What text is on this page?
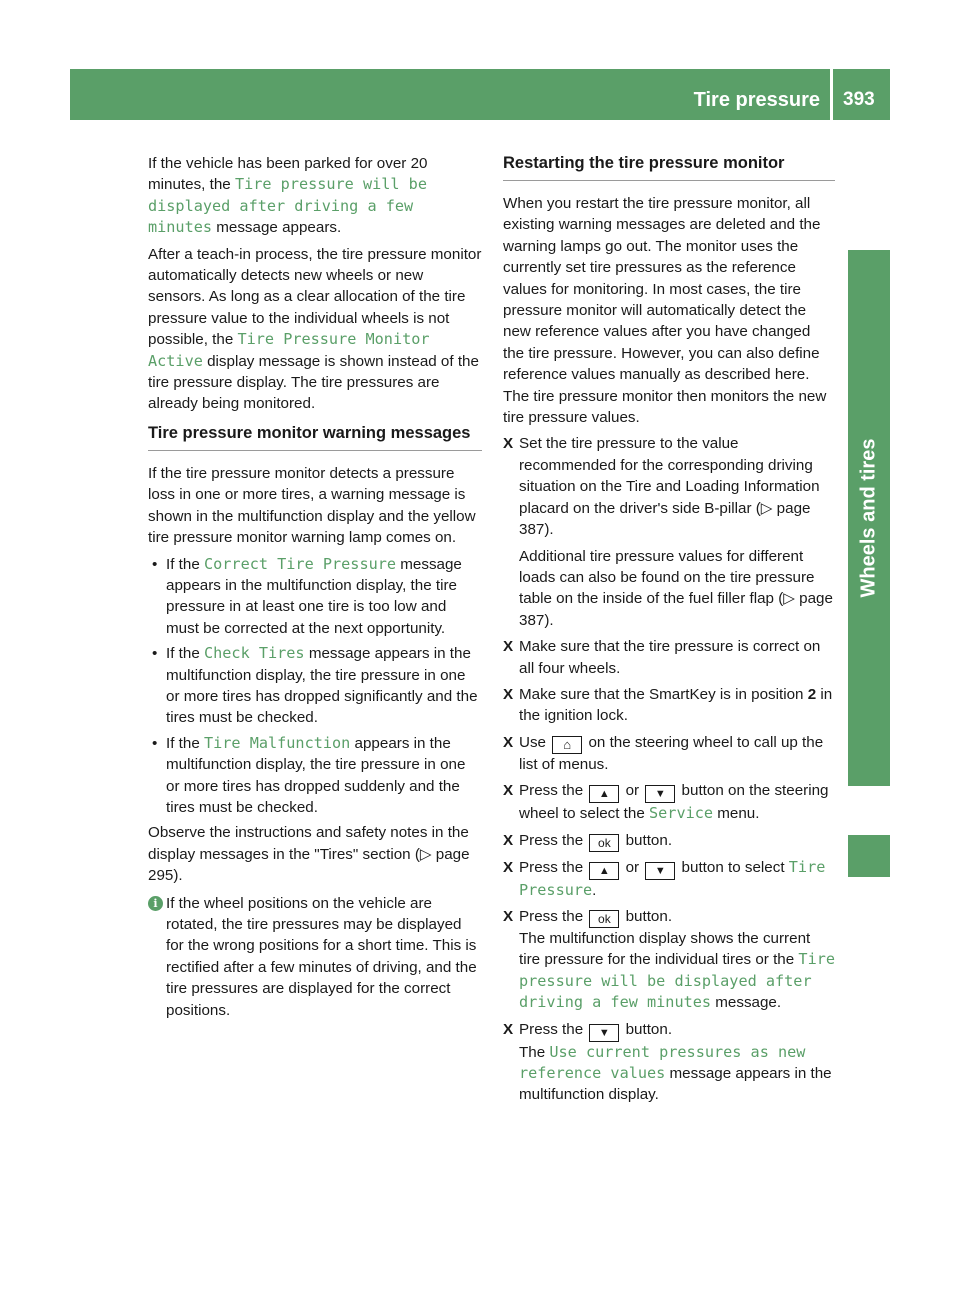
Tire pressure 393
Wheels and tires

If the vehicle has been parked for over 20 minutes, the Tire pressure will be displayed after driving a few minutes message appears.

After a teach-in process, the tire pressure monitor automatically detects new wheels or new sensors. As long as a clear allocation of the tire pressure value to the individual wheels is not possible, the Tire Pressure Monitor Active display message is shown instead of the tire pressure display. The tire pressures are already being monitored.

Tire pressure monitor warning messages

If the tire pressure monitor detects a pressure loss in one or more tires, a warning message is shown in the multifunction display and the yellow tire pressure monitor warning lamp comes on.

• If the Correct Tire Pressure message appears in the multifunction display, the tire pressure in at least one tire is too low and must be corrected at the next opportunity.
• If the Check Tires message appears in the multifunction display, the tire pressure in one or more tires has dropped significantly and the tires must be checked.
• If the Tire Malfunction appears in the multifunction display, the tire pressure in one or more tires has dropped suddenly and the tires must be checked.

Observe the instructions and safety notes in the display messages in the "Tires" section (▷ page 295).

i If the wheel positions on the vehicle are rotated, the tire pressures may be displayed for the wrong positions for a short time. This is rectified after a few minutes of driving, and the tire pressures are displayed for the correct positions.
Restarting the tire pressure monitor

When you restart the tire pressure monitor, all existing warning messages are deleted and the warning lamps go out. The monitor uses the currently set tire pressures as the reference values for monitoring. In most cases, the tire pressure monitor will automatically detect the new reference values after you have changed the tire pressure. However, you can also define reference values manually as described here. The tire pressure monitor then monitors the new tire pressure values.

X Set the tire pressure to the value recommended for the corresponding driving situation on the Tire and Loading Information placard on the driver's side B-pillar (▷ page 387).
Additional tire pressure values for different loads can also be found on the tire pressure table on the inside of the fuel filler flap (▷ page 387).
X Make sure that the tire pressure is correct on all four wheels.
X Make sure that the SmartKey is in position 2 in the ignition lock.
X Use ⌂ on the steering wheel to call up the list of menus.
X Press the ▲ or ▼ button on the steering wheel to select the Service menu.
X Press the ok button.
X Press the ▲ or ▼ button to select Tire Pressure.
X Press the ok button.
The multifunction display shows the current tire pressure for the individual tires or the Tire pressure will be displayed after driving a few minutes message.
X Press the ▼ button.
The Use current pressures as new reference values message appears in the multifunction display.
